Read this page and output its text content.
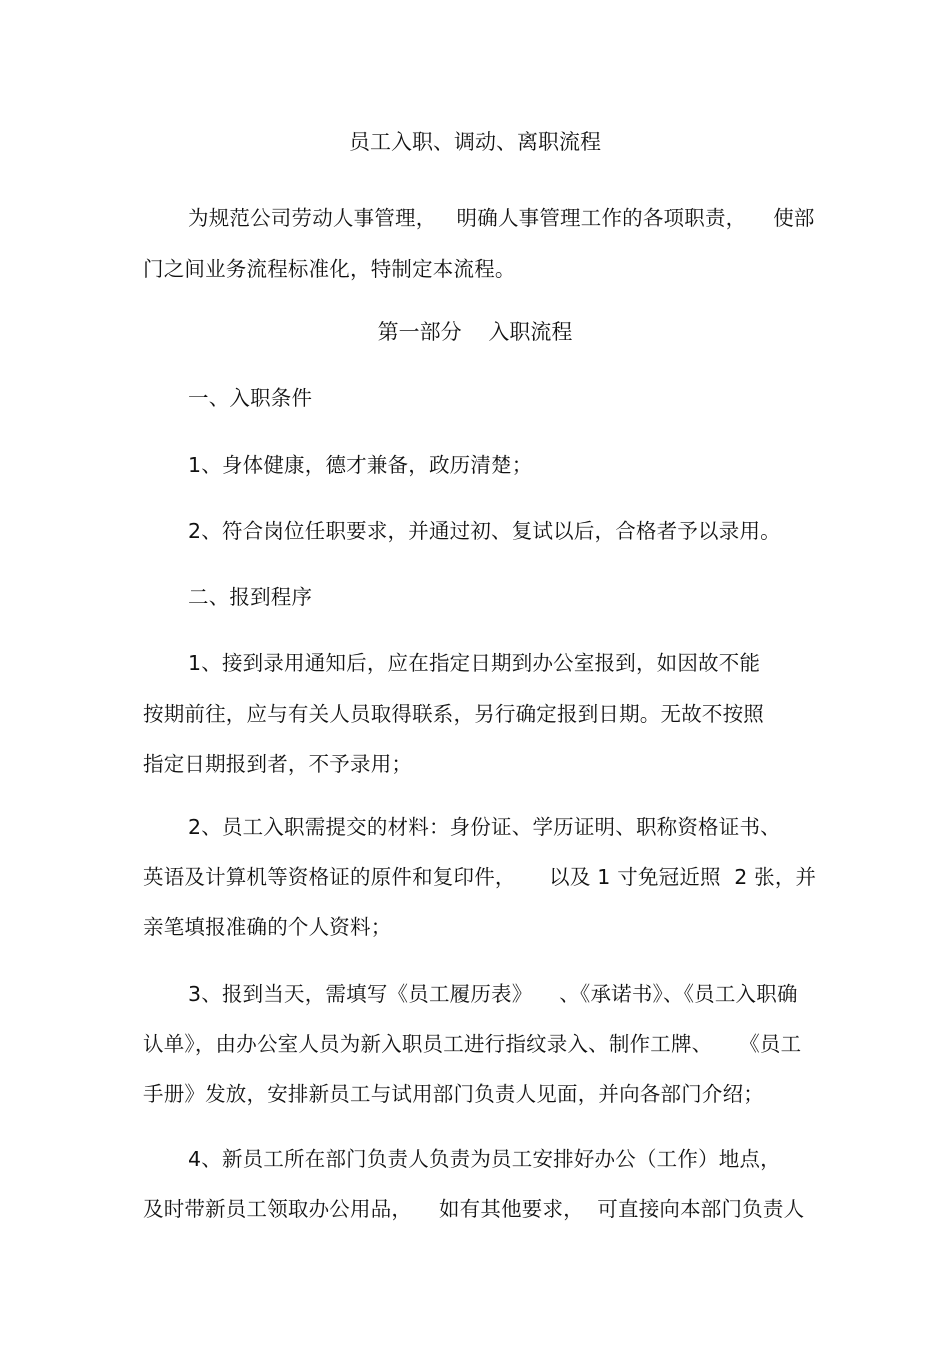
员工入职、调动、离职流程
为规范公司劳动人事管理，   明确人事管理工作的各项职责，    使部
门之间业务流程标准化，特制定本流程。
第一部分    入职流程
一、入职条件
1、身体健康，德才兼备，政历清楚；
2、符合岗位任职要求，并通过初、复试以后，合格者予以录用。
二、报到程序
1、接到录用通知后，应在指定日期到办公室报到，如因故不能
按期前往，应与有关人员取得联系，另行确定报到日期。无故不按照
指定日期报到者，不予录用；
2、员工入职需提交的材料：身份证、学历证明、职称资格证书、
英语及计算机等资格证的原件和复印件，     以及 1 寸免冠近照  2 张，并
亲笔填报准确的个人资料；
3、报到当天，需填写《员工履历表》    、《承诺书》、《员工入职确
认单》，由办公室人员为新入职员工进行指纹录入、制作工牌、    《员工
手册》发放，安排新员工与试用部门负责人见面，并向各部门介绍；
4、新员工所在部门负责人负责为员工安排好办公（工作）地点，
及时带新员工领取办公用品，    如有其他要求，  可直接向本部门负责人
